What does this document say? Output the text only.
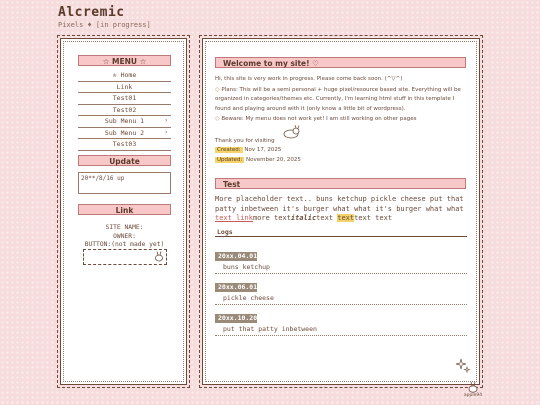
Alcremic
Pixels ♦ [in progress]
☆ MENU ☆
♔ Home
Link
Test01
Test02
Sub Menu 1	›
Sub Menu 2	›
Test03
Update
20**/8/16 up
Link
SITE NAME:
OWNER:
BUTTON:(not made yet)
Welcome to my site! ♡
Hi, this site is very work in progress. Please come back soon. (^▽^)
◇ Plans: This will be a semi personal + huge pixel/resource based site. Everything will be organized in categories/themes etc. Currently, I'm learning html stuff in this template I found and playing around with it (only know a little bit of wordpress).
◇ Beware: My menu does not work yet! I am still working on other pages
Thank you for visiting
Created: Nov 17, 2025
Updated: November 20, 2025
Test
More placeholder text.. buns ketchup pickle cheese put that patty inbetween it's burger what what it's burger what what
text linkmore textitalictext texttext text
Logs
20xx.04.01
buns ketchup
20xx.06.01
pickle cheese
20xx.10.20
put that patty inbetween
apple94
